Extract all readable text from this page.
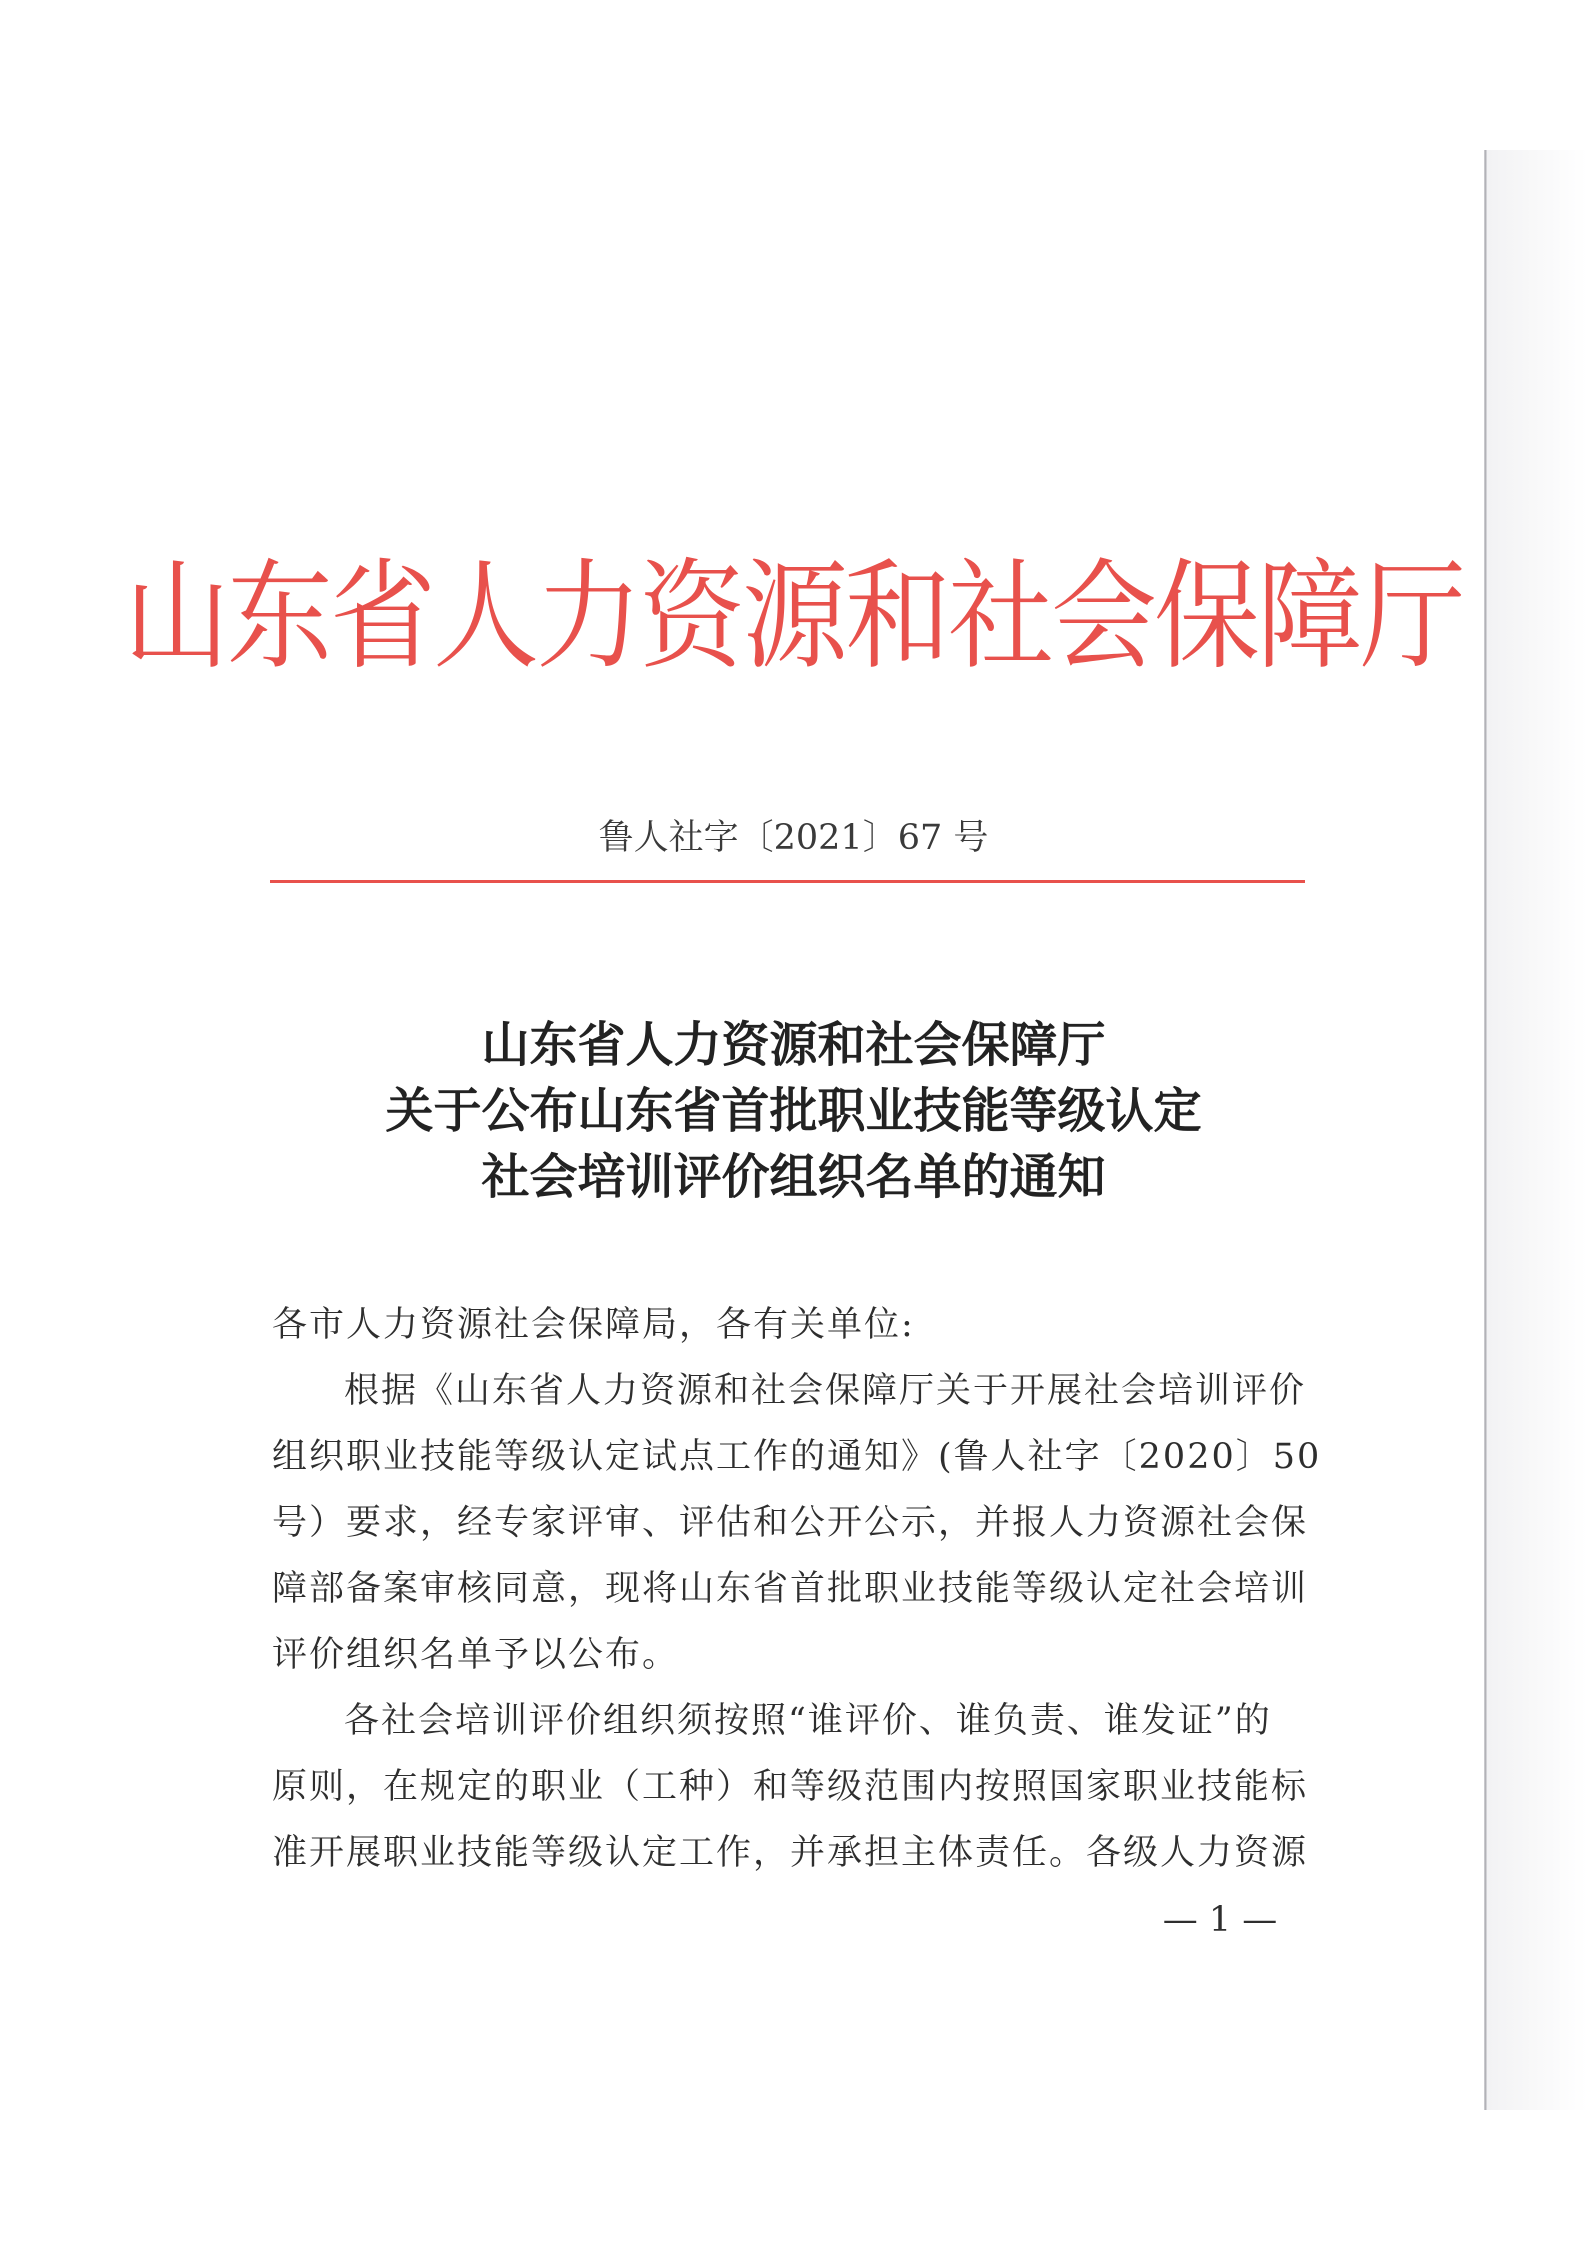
山东省人力资源和社会保障厅
鲁人社字〔2021〕67 号
山东省人力资源和社会保障厅
关于公布山东省首批职业技能等级认定
社会培训评价组织名单的通知
各市人力资源社会保障局，各有关单位:
根据《山东省人力资源和社会保障厅关于开展社会培训评价
组织职业技能等级认定试点工作的通知》(鲁人社字〔2020〕50
号）要求，经专家评审、评估和公开公示，并报人力资源社会保
障部备案审核同意，现将山东省首批职业技能等级认定社会培训
评价组织名单予以公布。
各社会培训评价组织须按照“谁评价、谁负责、谁发证”的
原则，在规定的职业（工种）和等级范围内按照国家职业技能标
准开展职业技能等级认定工作，并承担主体责任。各级人力资源
— 1 —
